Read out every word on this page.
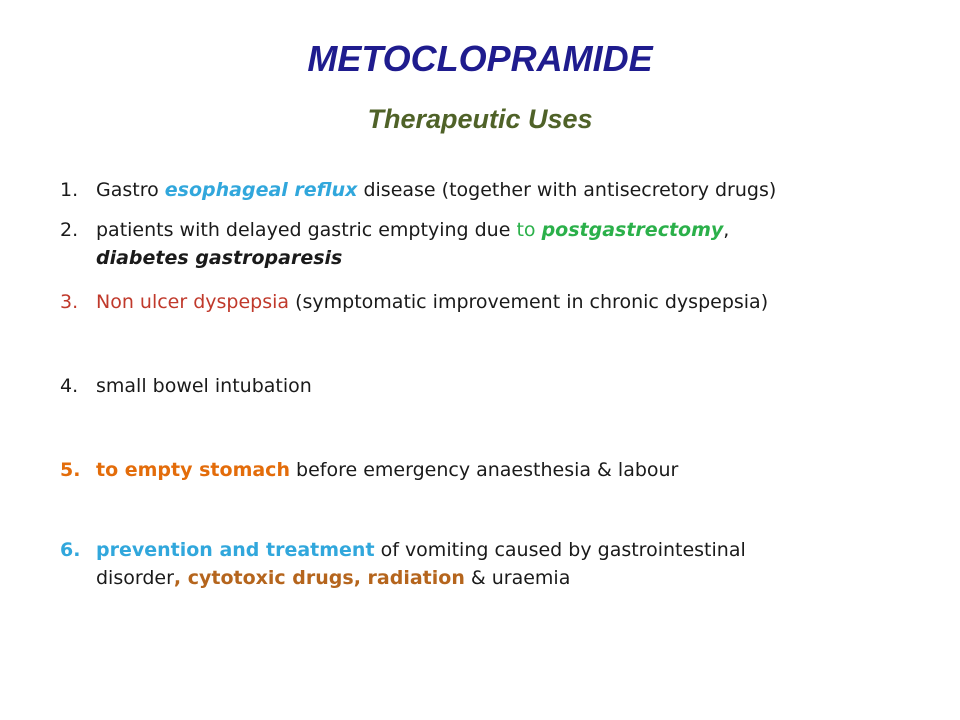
METOCLOPRAMIDE
Therapeutic Uses
1. Gastro esophageal reflux disease (together with antisecretory drugs)
2. patients with delayed gastric emptying due to postgastrectomy,
diabetes gastroparesis
3. Non ulcer dyspepsia (symptomatic improvement in chronic dyspepsia)
4. small bowel intubation
5. to empty stomach before emergency anaesthesia & labour
6. prevention and treatment of vomiting caused by gastrointestinal
disorder, cytotoxic drugs, radiation & uraemia
